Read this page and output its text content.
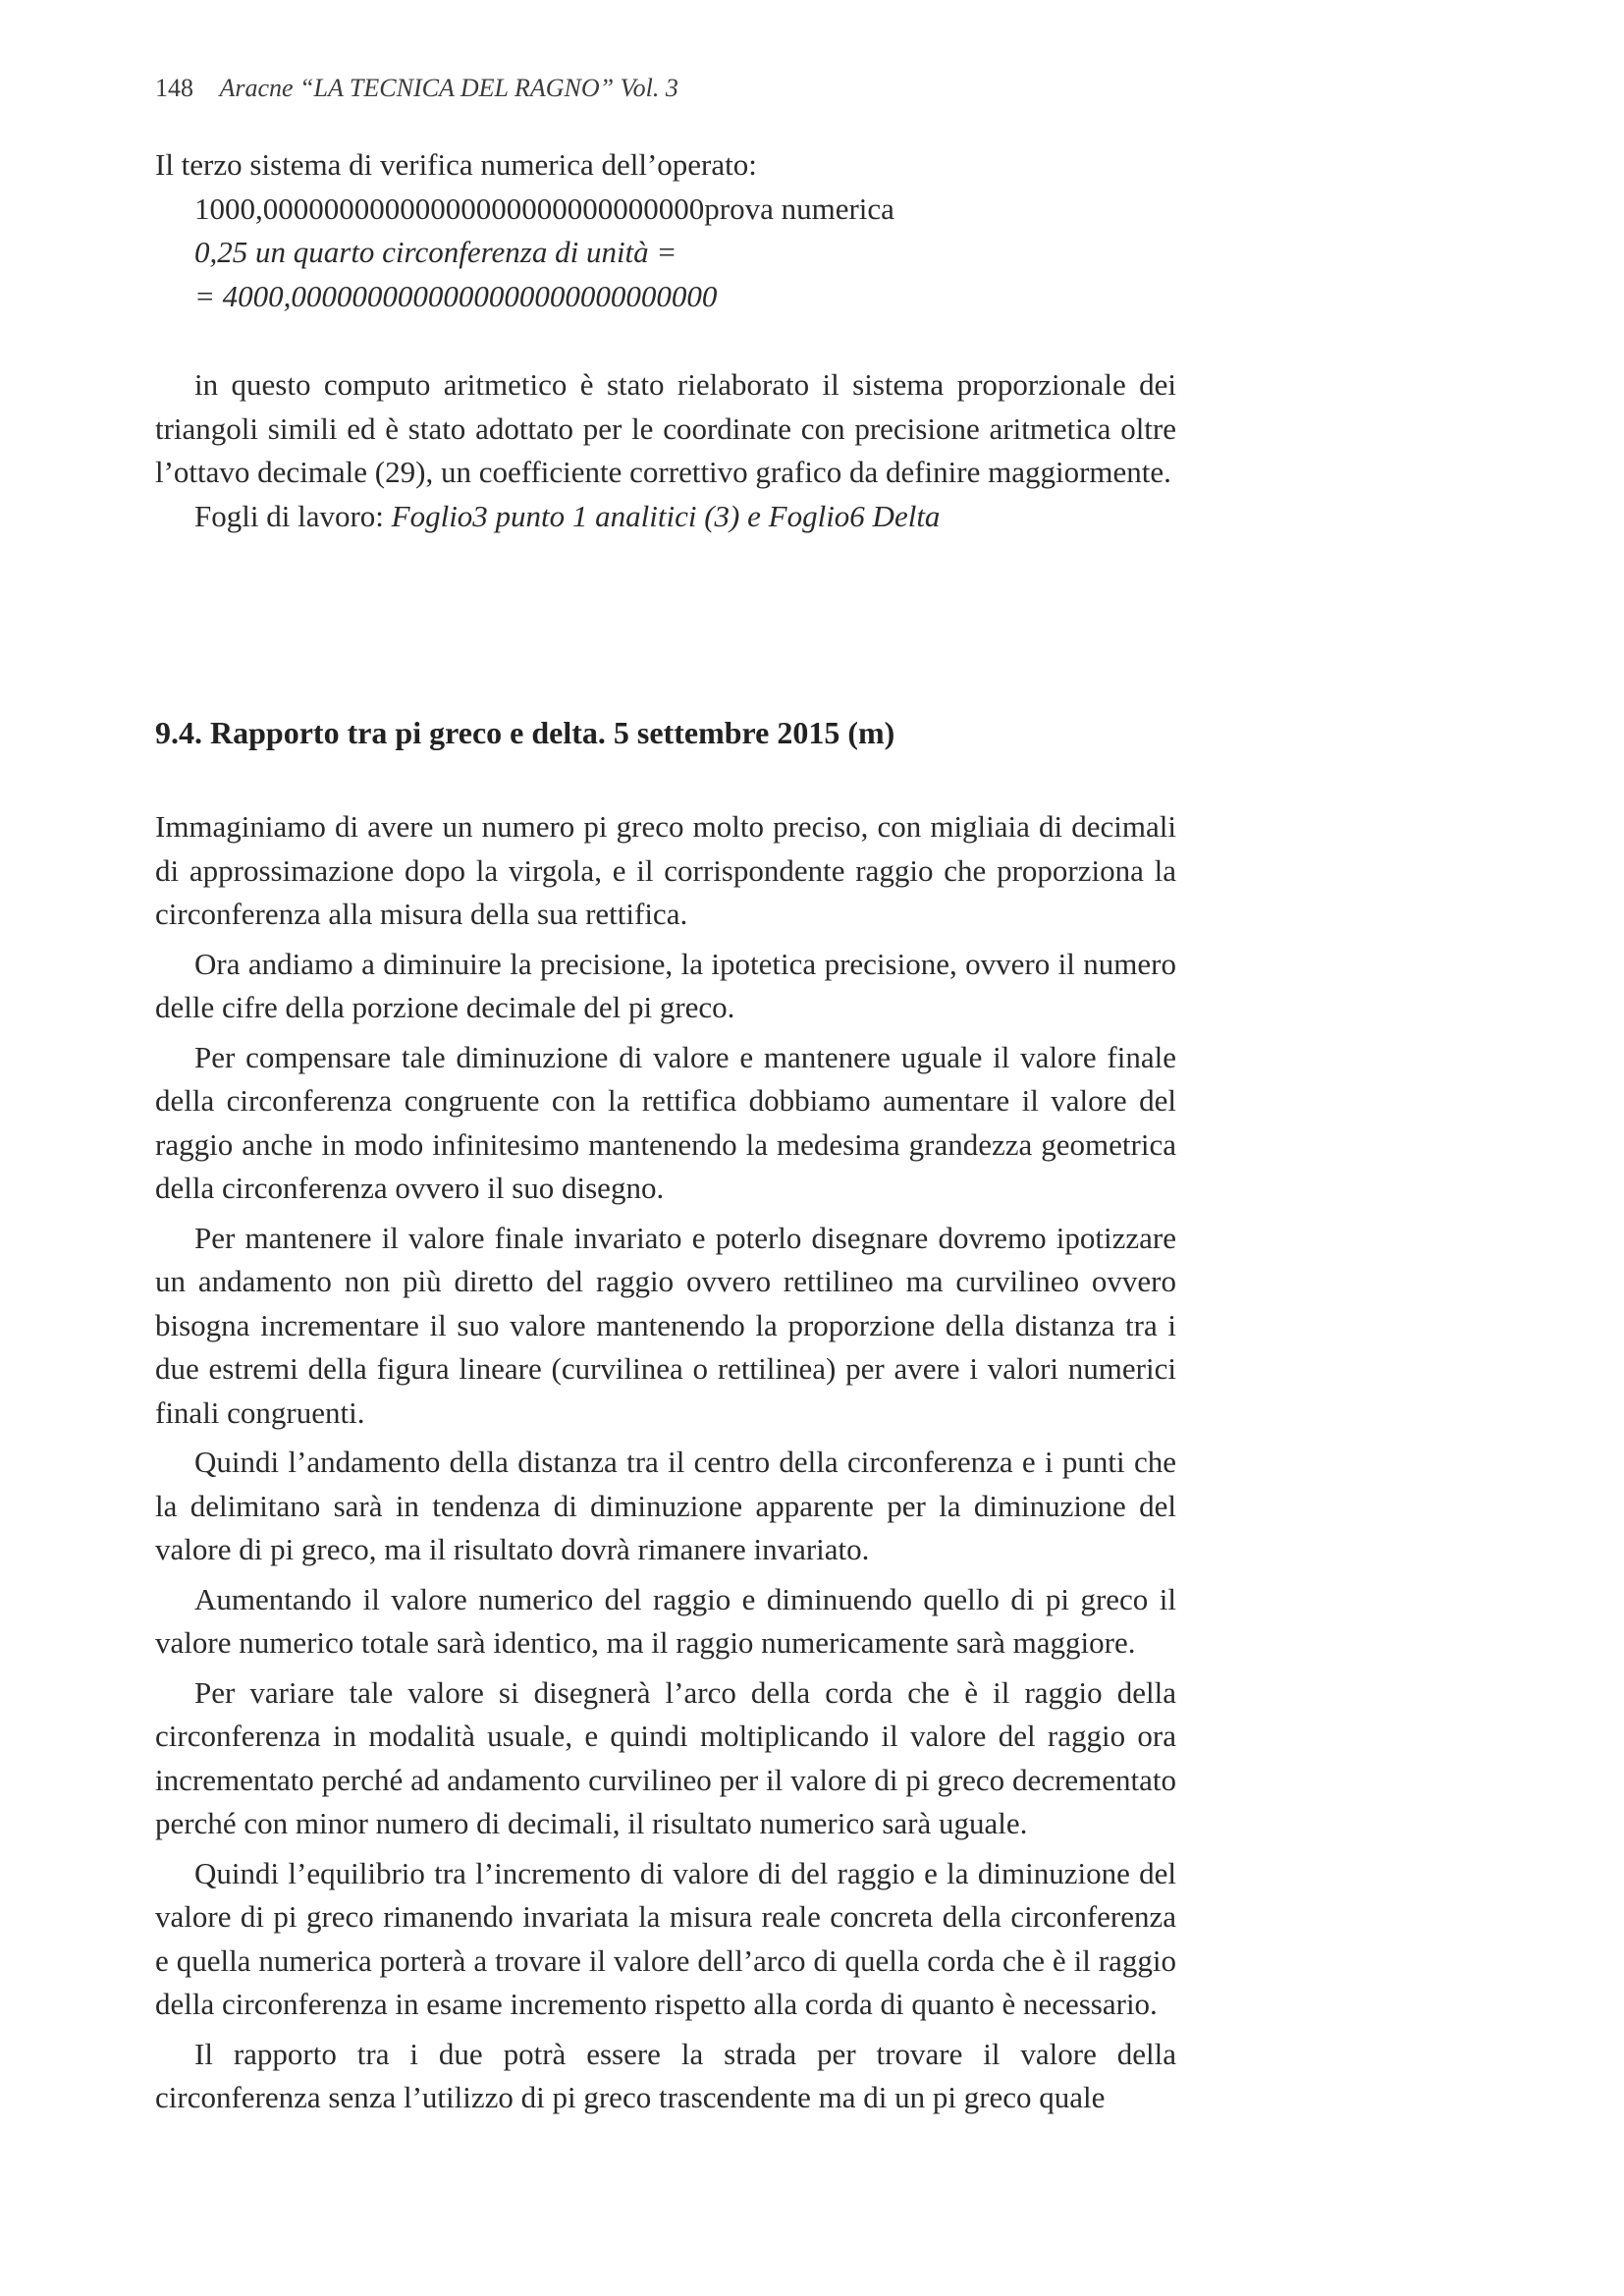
148 Aracne “LA TECNICA DEL RAGNO” Vol. 3
Il terzo sistema di verifica numerica dell’operato:
1000,00000000000000000000000000000prova numerica
0,25 un quarto circonferenza di unità =
= 4000,0000000000000000000000000000

in questo computo aritmetico è stato rielaborato il sistema proporzionale dei triangoli simili ed è stato adottato per le coordinate con precisione aritmetica oltre l’ottavo decimale (29), un coefficiente correttivo grafico da definire maggiormente.

Fogli di lavoro: Foglio3 punto 1 analitici (3) e Foglio6 Delta

9.4. Rapporto tra pi greco e delta. 5 settembre 2015 (m)

Immaginiamo di avere un numero pi greco molto preciso, con migliaia di decimali di approssimazione dopo la virgola, e il corrispondente raggio che proporziona la circonferenza alla misura della sua rettifica.

Ora andiamo a diminuire la precisione, la ipotetica precisione, ovvero il numero delle cifre della porzione decimale del pi greco.

Per compensare tale diminuzione di valore e mantenere uguale il valore finale della circonferenza congruente con la rettifica dobbiamo aumentare il valore del raggio anche in modo infinitesimo mantenendo la medesima grandezza geometrica della circonferenza ovvero il suo disegno.

Per mantenere il valore finale invariato e poterlo disegnare dovremo ipotizzare un andamento non più diretto del raggio ovvero rettilineo ma curvilineo ovvero bisogna incrementare il suo valore mantenendo la proporzione della distanza tra i due estremi della figura lineare (curvilinea o rettilinea) per avere i valori numerici finali congruenti.

Quindi l’andamento della distanza tra il centro della circonferenza e i punti che la delimitano sarà in tendenza di diminuzione apparente per la diminuzione del valore di pi greco, ma il risultato dovrà rimanere invariato.

Aumentando il valore numerico del raggio e diminuendo quello di pi greco il valore numerico totale sarà identico, ma il raggio numericamente sarà maggiore.

Per variare tale valore si disegnerà l’arco della corda che è il raggio della circonferenza in modalità usuale, e quindi moltiplicando il valore del raggio ora incrementato perché ad andamento curvilineo per il valore di pi greco decrementato perché con minor numero di decimali, il risultato numerico sarà uguale.

Quindi l’equilibrio tra l’incremento di valore di del raggio e la diminuzione del valore di pi greco rimanendo invariata la misura reale concreta della circonferenza e quella numerica porterà a trovare il valore dell’arco di quella corda che è il raggio della circonferenza in esame incremento rispetto alla corda di quanto è necessario.

Il rapporto tra i due potrà essere la strada per trovare il valore della circonferenza senza l’utilizzo di pi greco trascendente ma di un pi greco quale
